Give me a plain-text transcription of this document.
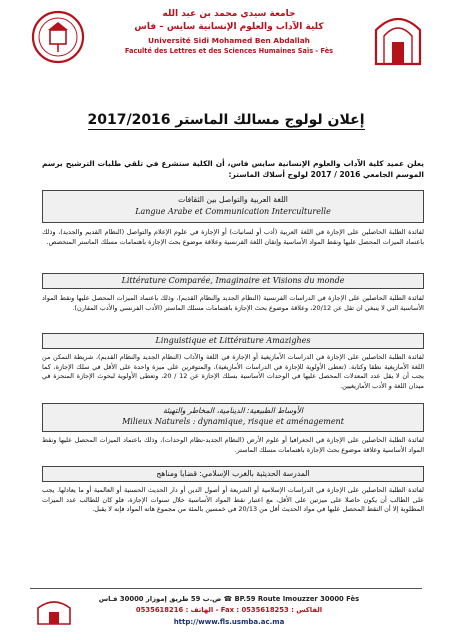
جامعة سيدي محمد بن عبد الله
كلية الآداب والعلوم الإنسانية سايس – فاس
Université Sidi Mohamed Ben Abdallah
Faculté des Lettres et des Sciences Humaines Saïs - Fès
إعلان لولوج مسالك الماستر 2017/2016
يعلن عميد كلية الآداب والعلوم الإنسانية سايس فاس، أن الكلية ستشرع في تلقي طلبات الترشيح برسم الموسم الجامعي 2016 / 2017 لولوج أسلاك الماستر:
اللغة العربية والتواصل بين الثقافات
Langue Arabe et Communication Interculturelle
لفائدة الطلبة الحاصلين على الإجازة في اللغة العربية (أدب أو لسانيات) أو الإجازة في علوم الإعلام والتواصل (النظام القديم والجديد)، وذلك باعتماد الميزات المحصل عليها ونقط المواد الأساسية وإتقان اللغة الفرنسية وعلاقة موضوع بحث الإجازة باهتمامات مسلك الماستر المتخصص.
Littérature Comparée, Imaginaire et Visions du monde
لفائدة الطلبة الحاصلين على الإجازة في الدراسات الفرنسية (النظام الجديد والنظام القديم)، وذلك باعتماد الميزات المحصل عليها ونقط المواد الأساسية التي لا ينبغي ان تقل عن 20/12، وعلاقة موضوع بحث الإجازة باهتمامات مسلك الماستر (الأدب الفرنسي والأدب المقارن).
Linguistique et Littérature Amazighes
لفائدة الطلبة الحاصلين على الإجازة في الدراسات الأمازيغية أو الإجازة في اللغة والآداب (النظام الجديد والنظام القديم)، شريطة التمكن من اللغة الأمازيغية نطقا وكتابة. (تعطى الأولوية للإجازة في الدراسات الأمازيغية)، والمتوفرين على ميزة واحدة على الأقل في سلك الإجازة، كما يجب أن لا يقل عدد المعدلات المحصل عليها في الوحدات الأساسية بسلك الإجازة عن 12 / 20، وتعطى الأولوية لبحوث الإجازة المنجزة في ميدان اللغة و الأدب الأمازيغيين.
الأوساط الطبيعية: الدينامية، المخاطر والتهيئة
Milieux Naturels : dynamique, risque et aménagement
لفائدة الطلبة الحاصلين على الإجازة في الجغرافيا أو علوم الأرض (النظام الجديد-نظام الوحدات)، وذلك باعتماد الميزات المحصل عليها ونقط المواد الأساسية وعلاقة موضوع بحث الإجازة باهتمامات مسلك الماستر.
المدرسة الحديثية بالغرب الإسلامي: قضايا ومناهج
لفائدة الطلبة الحاصلين على الإجازة في الدراسات الإسلامية أو الشريعة أو أصول الدين أو دار الحديث الحسنية أو العالمية أو ما يعادلها. يجب على الطالب أن يكون حاصلا على ميزتين على الأقل، مع اعتبار نقط المواد الأساسية خلال سنوات الإجازة، فلو كان للطالب عدد الميزات المطلوبة إلا أن النقط المحصل عليها في مواد الحديث أقل من 20/13 في خمسين بالمئة من مجموع هاته المواد فإنه لا يقبل.
ص.ب 59 طريق إموزار 30000 فـاس ☎ BP.59 Route Imouzzer 30000 Fès
الهاتف : 0535618216 - Fax : 0535618253 : الفاكس
http://www.fls.usmba.ac.ma
